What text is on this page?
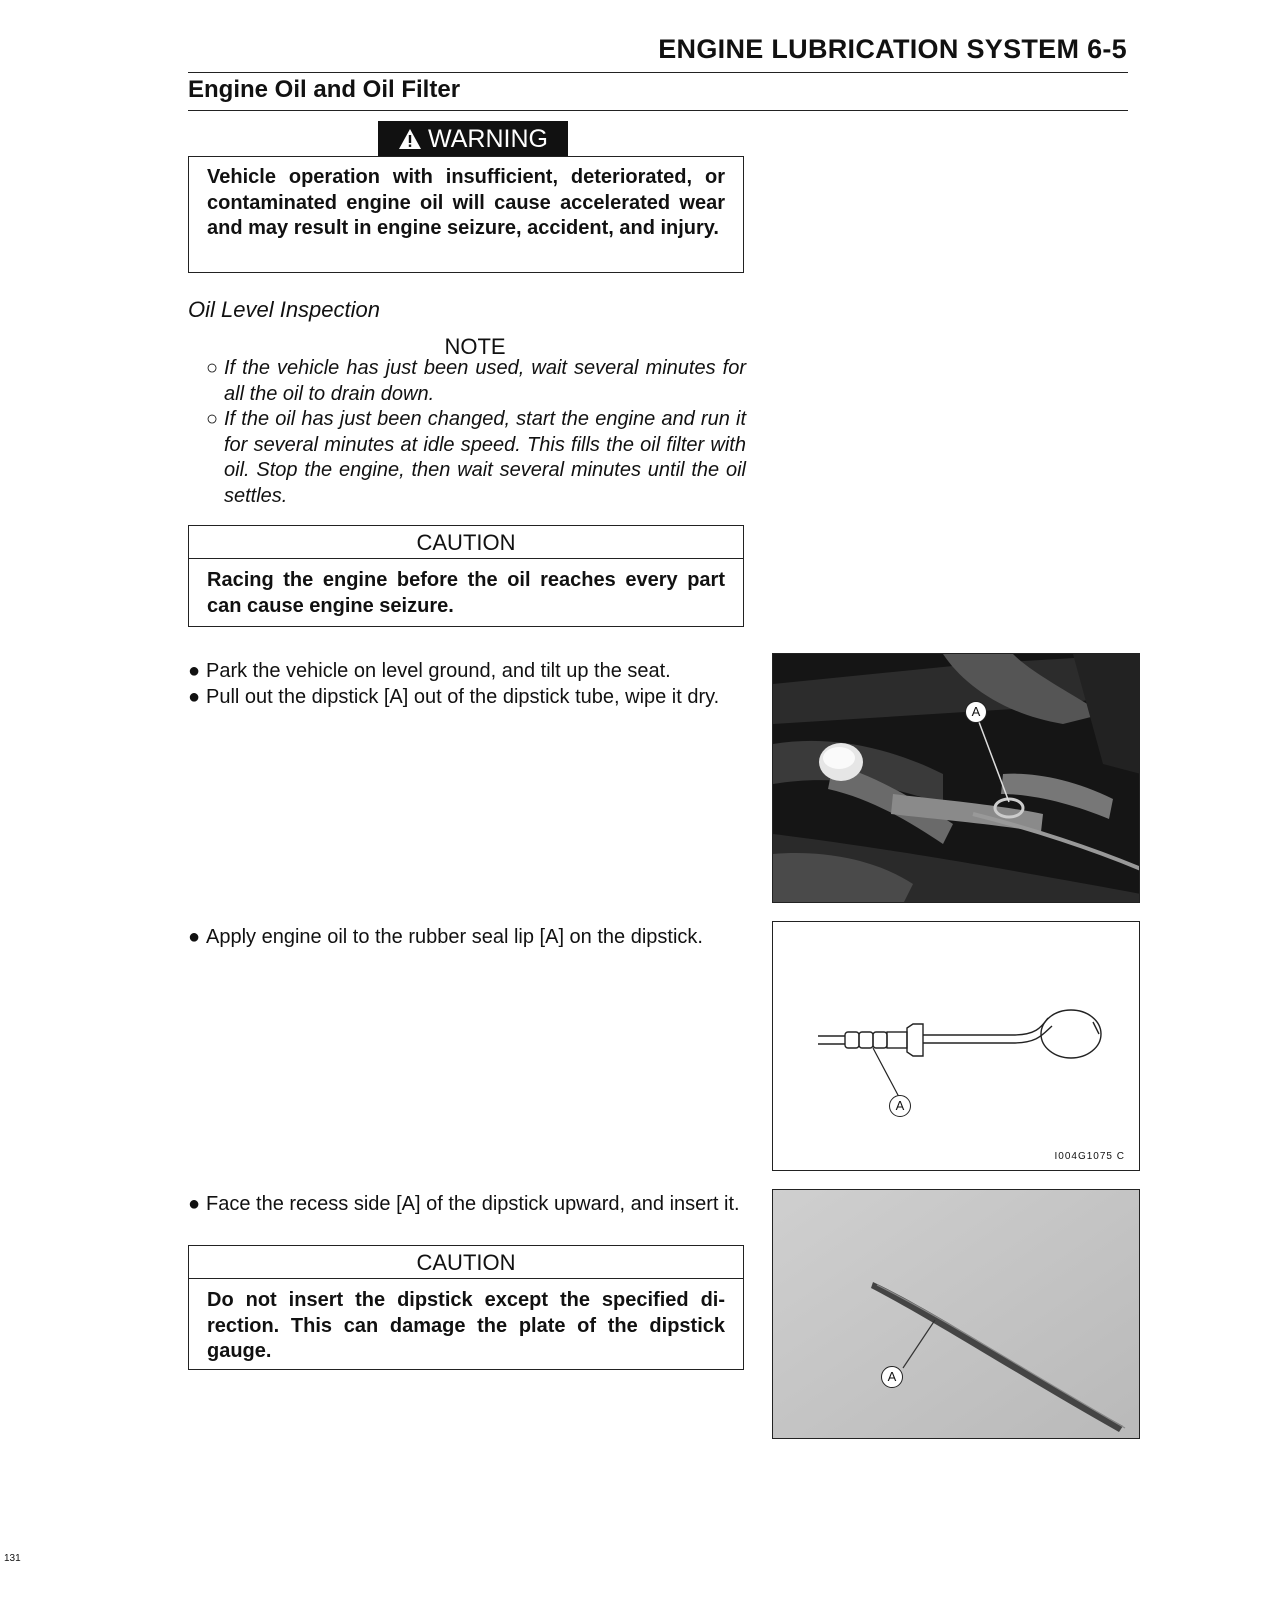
ENGINE LUBRICATION SYSTEM 6-5
Engine Oil and Oil Filter
WARNING
Vehicle operation with insufficient, deteriorated, or contaminated engine oil will cause accelerated wear and may result in engine seizure, accident, and injury.
Oil Level Inspection
NOTE
○ If the vehicle has just been used, wait several minutes for all the oil to drain down.
○ If the oil has just been changed, start the engine and run it for several minutes at idle speed. This fills the oil filter with oil. Stop the engine, then wait several minutes until the oil settles.
CAUTION
Racing the engine before the oil reaches every part can cause engine seizure.
● Park the vehicle on level ground, and tilt up the seat.
● Pull out the dipstick [A] out of the dipstick tube, wipe it dry.
● Apply engine oil to the rubber seal lip [A] on the dipstick.
● Face the recess side [A] of the dipstick upward, and insert it.
CAUTION
Do not insert the dipstick except the specified di- rection. This can damage the plate of the dipstick gauge.
A
A
I004G1075 C
A
131
